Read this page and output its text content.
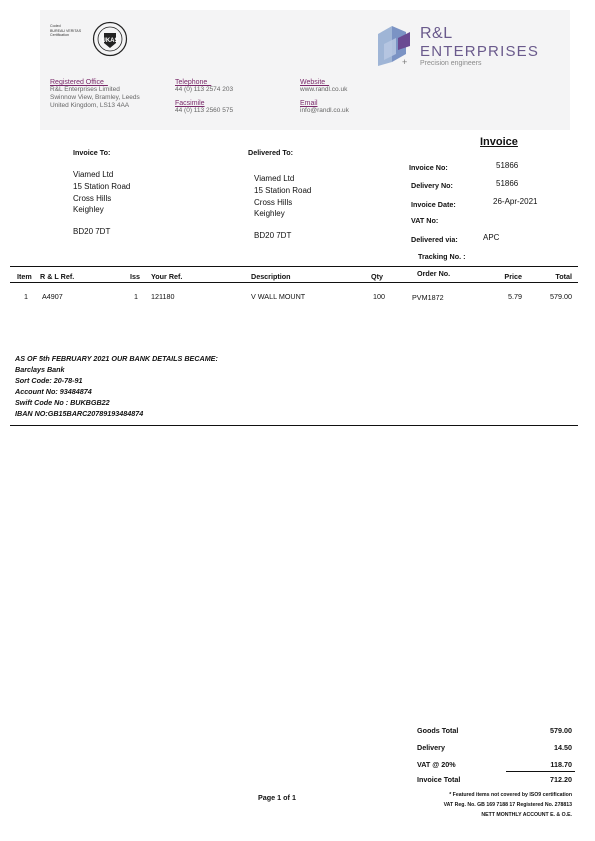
Coded
BUREAU VERITAS
Certification
UKAS	R&L
ENTERPRISES
+ Precision engineers
Registered Office_
R&L Enterprises Limited
Swinnow View, Bramley, Leeds
United Kingdom, LS13 4AA
Telephone_
44 (0) 113 2574 203
Facsimile
44 (0) 113 2560 575
Website_
www.randl.co.uk
Email
info@randl.co.uk
Invoice
Invoice To:
Viamed Ltd
15 Station Road
Cross Hills
Keighley
BD20 7DT
Delivered To:
Viamed Ltd
15 Station Road
Cross Hills
Keighley
BD20 7DT
Invoice No:	51866
Delivery No:	51866
Invoice Date:	26-Apr-2021
VAT No:
Delivered via:	APC
Tracking No. :
Item R & L Ref.	Iss Your Ref.	Description	Qty	Order No.	Price	Total
1 A4907	1 121180	V WALL MOUNT	100	PVM1872	5.79	579.00
AS OF 5th FEBRUARY 2021 OUR BANK DETAILS BECAME:
Barclays Bank
Sort Code: 20-78-91
Account No: 93484874
Swift Code No : BUKBGB22
IBAN NO:GB15BARC20789193484874
Goods Total	579.00
Delivery	14.50
VAT @ 20%	118.70
Invoice Total	712.20
Page 1 of 1	* Featured items not covered by ISO9 certification
VAT Reg. No. GB 169 7188 17 Registered No. 278813
NETT MONTHLY ACCOUNT E. & O.E.
